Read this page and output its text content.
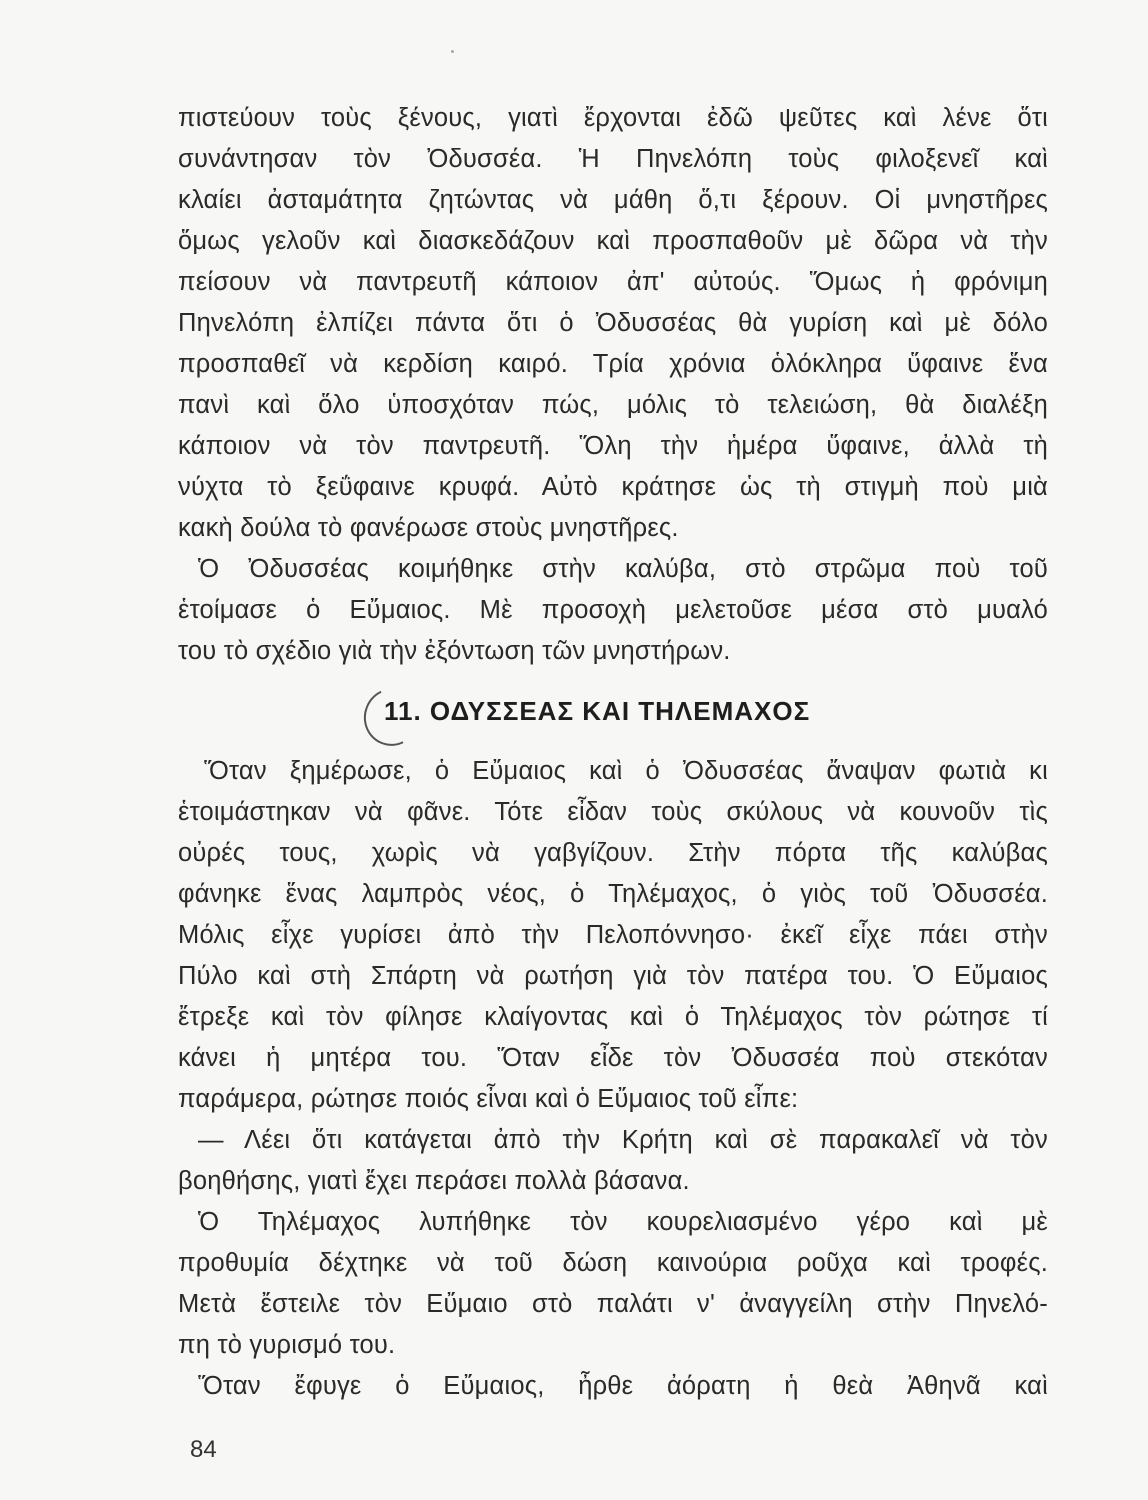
πιστεύουν τοὺς ξένους, γιατὶ ἔρχονται ἐδῶ ψεῦτες καὶ λένε ὅτι
συνάντησαν τὸν Ὀδυσσέα. Ἡ Πηνελόπη τοὺς φιλοξενεῖ καὶ
κλαίει ἀσταμάτητα ζητώντας νὰ μάθη ὅ,τι ξέρουν. Οἱ μνηστῆρες
ὅμως γελοῦν καὶ διασκεδάζουν καὶ προσπαθοῦν μὲ δῶρα νὰ τὴν
πείσουν νὰ παντρευτῆ κάποιον ἀπ' αὐτούς. Ὅμως ἡ φρόνιμη
Πηνελόπη ἐλπίζει πάντα ὅτι ὁ Ὀδυσσέας θὰ γυρίση καὶ μὲ δόλο
προσπαθεῖ νὰ κερδίση καιρό. Τρία χρόνια ὁλόκληρα ὕφαινε ἕνα
πανὶ καὶ ὅλο ὑποσχόταν πώς, μόλις τὸ τελειώση, θὰ διαλέξη
κάποιον νὰ τὸν παντρευτῆ. Ὅλη τὴν ἡμέρα ὕφαινε, ἀλλὰ τὴ
νύχτα τὸ ξεΰφαινε κρυφά. Αὐτὸ κράτησε ὡς τὴ στιγμὴ ποὺ μιὰ
κακὴ δούλα τὸ φανέρωσε στοὺς μνηστῆρες.
Ὁ Ὀδυσσέας κοιμήθηκε στὴν καλύβα, στὸ στρῶμα ποὺ τοῦ
ἑτοίμασε ὁ Εὔμαιος. Μὲ προσοχὴ μελετοῦσε μέσα στὸ μυαλό
του τὸ σχέδιο γιὰ τὴν ἐξόντωση τῶν μνηστήρων.
11. ΟΔΥΣΣΕΑΣ ΚΑΙ ΤΗΛΕΜΑΧΟΣ
Ὅταν ξημέρωσε, ὁ Εὔμαιος καὶ ὁ Ὀδυσσέας ἄναψαν φωτιὰ κι
ἑτοιμάστηκαν νὰ φᾶνε. Τότε εἶδαν τοὺς σκύλους νὰ κουνοῦν τὶς
οὐρές τους, χωρὶς νὰ γαβγίζουν. Στὴν πόρτα τῆς καλύβας
φάνηκε ἕνας λαμπρὸς νέος, ὁ Τηλέμαχος, ὁ γιὸς τοῦ Ὀδυσσέα.
Μόλις εἶχε γυρίσει ἀπὸ τὴν Πελοπόννησο· ἐκεῖ εἶχε πάει στὴν
Πύλο καὶ στὴ Σπάρτη νὰ ρωτήση γιὰ τὸν πατέρα του. Ὁ Εὔμαιος
ἔτρεξε καὶ τὸν φίλησε κλαίγοντας καὶ ὁ Τηλέμαχος τὸν ρώτησε τί
κάνει ἡ μητέρα του. Ὅταν εἶδε τὸν Ὀδυσσέα ποὺ στεκόταν
παράμερα, ρώτησε ποιός εἶναι καὶ ὁ Εὔμαιος τοῦ εἶπε:
— Λέει ὅτι κατάγεται ἀπὸ τὴν Κρήτη καὶ σὲ παρακαλεῖ νὰ τὸν
βοηθήσης, γιατὶ ἔχει περάσει πολλὰ βάσανα.
Ὁ Τηλέμαχος λυπήθηκε τὸν κουρελιασμένο γέρο καὶ μὲ
προθυμία δέχτηκε νὰ τοῦ δώση καινούρια ροῦχα καὶ τροφές.
Μετὰ ἔστειλε τὸν Εὔμαιο στὸ παλάτι ν' ἀναγγείλη στὴν Πηνελό-
πη τὸ γυρισμό του.
Ὅταν ἔφυγε ὁ Εὔμαιος, ἦρθε ἀόρατη ἡ θεὰ Ἀθηνᾶ καὶ
84
